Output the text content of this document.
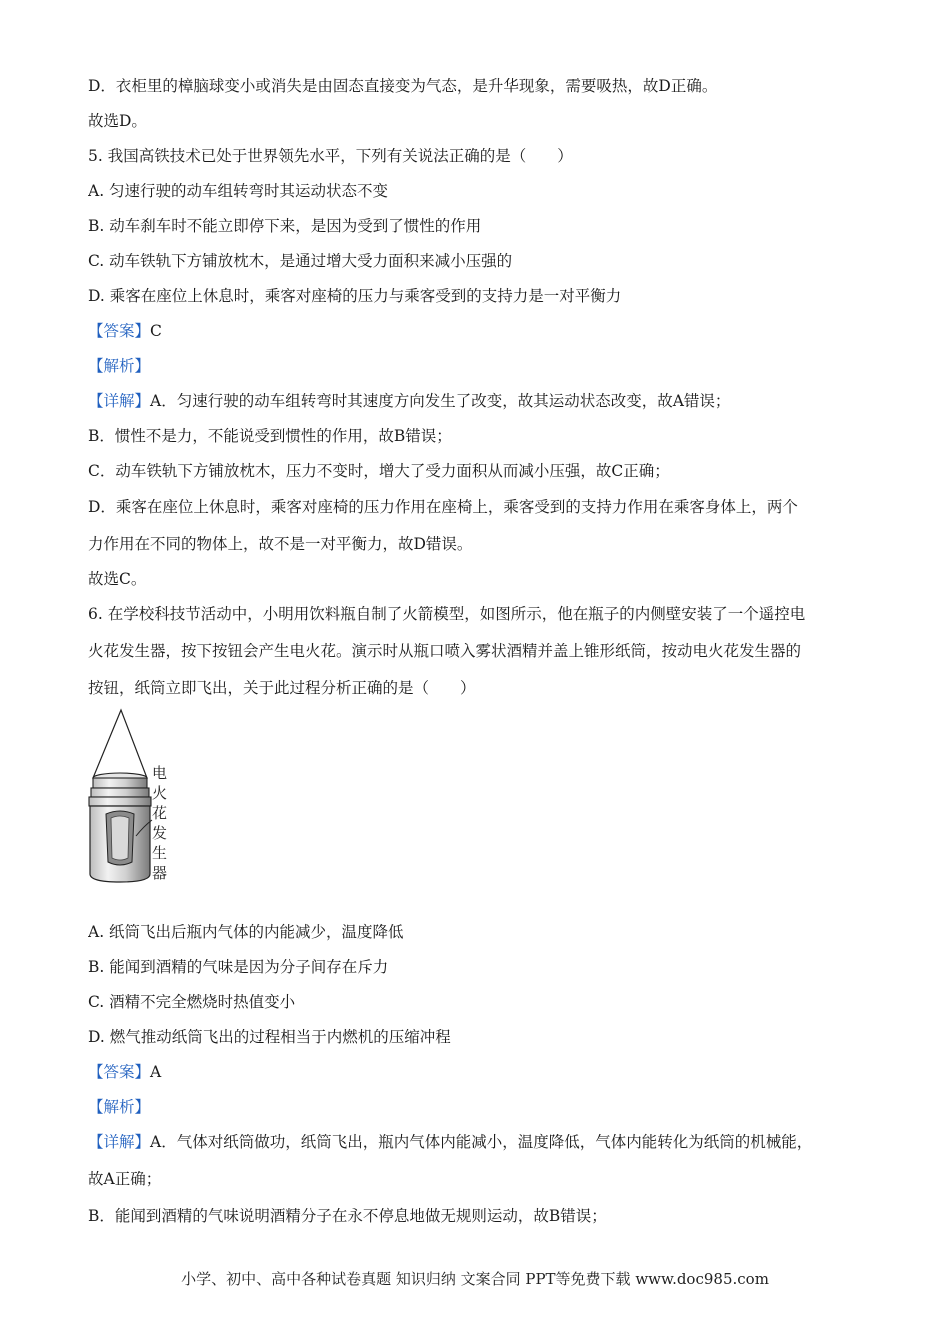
D．衣柜里的樟脑球变小或消失是由固态直接变为气态，是升华现象，需要吸热，故D正确。
故选D。
5. 我国高铁技术已处于世界领先水平，下列有关说法正确的是（　　）
A. 匀速行驶的动车组转弯时其运动状态不变
B. 动车刹车时不能立即停下来，是因为受到了惯性的作用
C. 动车铁轨下方铺放枕木，是通过增大受力面积来减小压强的
D. 乘客在座位上休息时，乘客对座椅的压力与乘客受到的支持力是一对平衡力
【答案】C
【解析】
【详解】A．匀速行驶的动车组转弯时其速度方向发生了改变，故其运动状态改变，故A错误；
B．惯性不是力，不能说受到惯性的作用，故B错误；
C．动车铁轨下方铺放枕木，压力不变时，增大了受力面积从而减小压强，故C正确；
D．乘客在座位上休息时，乘客对座椅的压力作用在座椅上，乘客受到的支持力作用在乘客身体上，两个
力作用在不同的物体上，故不是一对平衡力，故D错误。
故选C。
6. 在学校科技节活动中，小明用饮料瓶自制了火箭模型，如图所示，他在瓶子的内侧壁安装了一个遥控电
火花发生器，按下按钮会产生电火花。演示时从瓶口喷入雾状酒精并盖上锥形纸筒，按动电火花发生器的
按钮，纸筒立即飞出，关于此过程分析正确的是（　　）
电
火
花
发
生
器
A. 纸筒飞出后瓶内气体的内能减少，温度降低
B. 能闻到酒精的气味是因为分子间存在斥力
C. 酒精不完全燃烧时热值变小
D. 燃气推动纸筒飞出的过程相当于内燃机的压缩冲程
【答案】A
【解析】
【详解】A．气体对纸筒做功，纸筒飞出，瓶内气体内能减小，温度降低，气体内能转化为纸筒的机械能，
故A正确；
B．能闻到酒精的气味说明酒精分子在永不停息地做无规则运动，故B错误；
小学、初中、高中各种试卷真题 知识归纳 文案合同 PPT等免费下载 www.doc985.com
